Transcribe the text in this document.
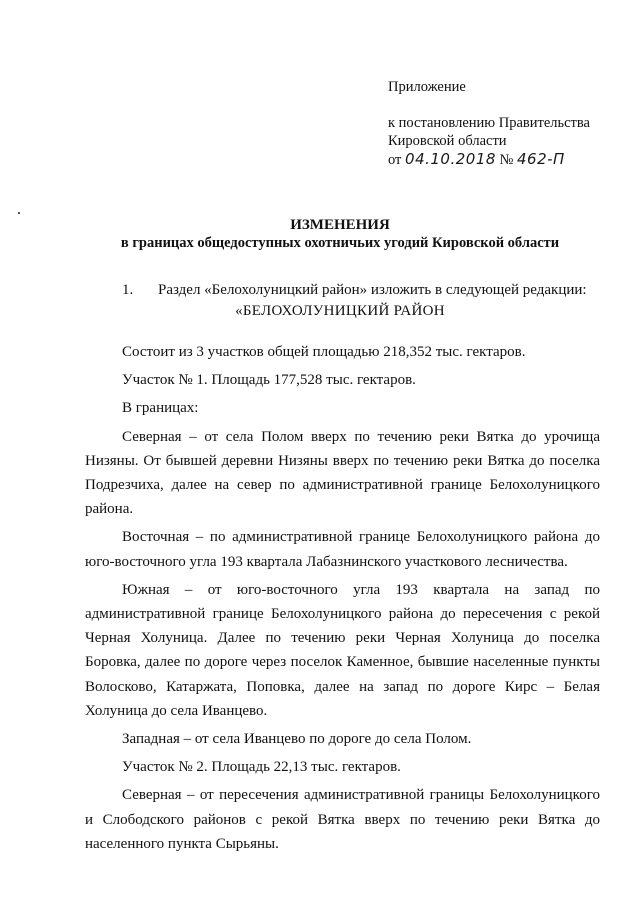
Приложение
к постановлению Правительства
Кировской области
от 04.10.2018 № 462-П
ИЗМЕНЕНИЯ
в границах общедоступных охотничьих угодий Кировской области
1. Раздел «Белохолуницкий район» изложить в следующей редакции:
«БЕЛОХОЛУНИЦКИЙ РАЙОН

Состоит из 3 участков общей площадью 218,352 тыс. гектаров.

Участок № 1. Площадь 177,528 тыс. гектаров.

В границах:

Северная – от села Полом вверх по течению реки Вятка до урочища Низяны. От бывшей деревни Низяны вверх по течению реки Вятка до поселка Подрезчиха, далее на север по административной границе Белохолуницкого района.

Восточная – по административной границе Белохолуницкого района до юго-восточного угла 193 квартала Лабазнинского участкового лесничества.

Южная – от юго-восточного угла 193 квартала на запад по административной границе Белохолуницкого района до пересечения с рекой Черная Холуница. Далее по течению реки Черная Холуница до поселка Боровка, далее по дороге через поселок Каменное, бывшие населенные пункты Волосково, Катаржата, Поповка, далее на запад по дороге Кирс – Белая Холуница до села Иванцево.

Западная – от села Иванцево по дороге до села Полом.

Участок № 2. Площадь 22,13 тыс. гектаров.

Северная – от пересечения административной границы Белохолуницкого и Слободского районов с рекой Вятка вверх по течению реки Вятка до населенного пункта Сырьяны.
